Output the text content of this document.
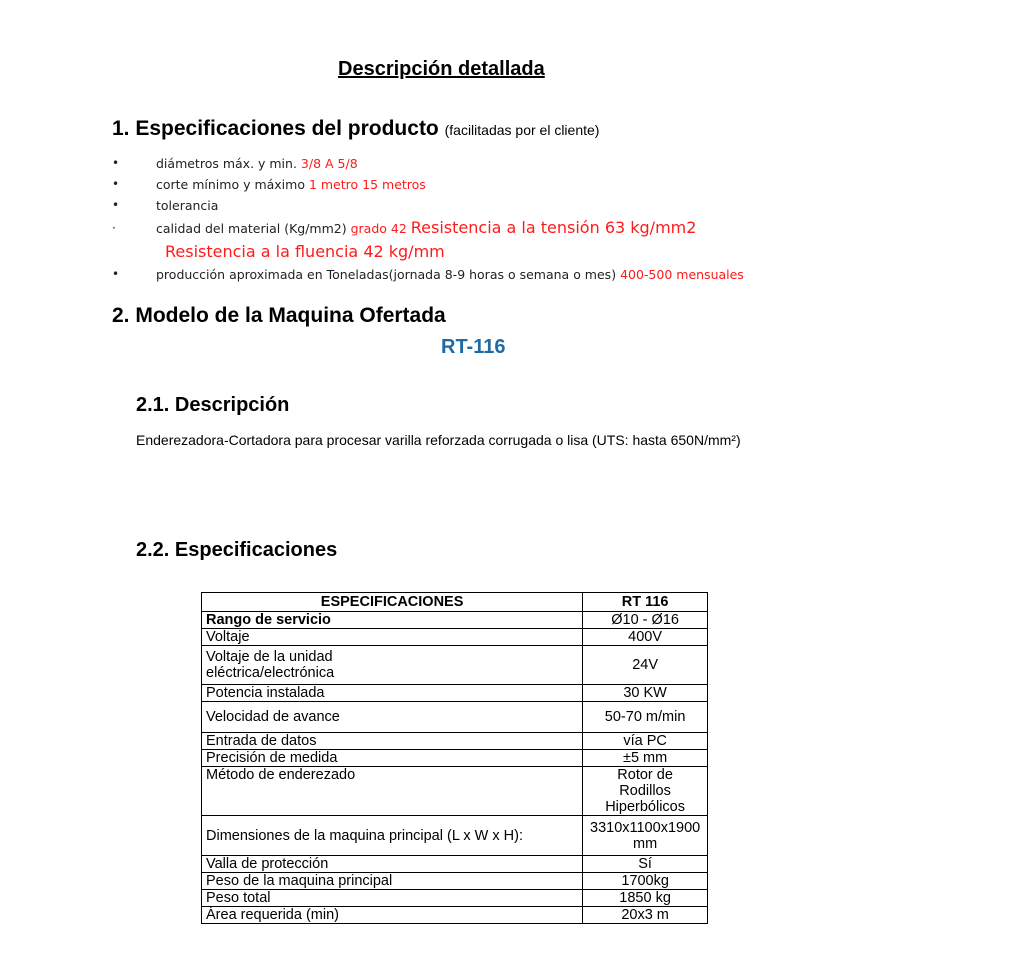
Descripción detallada
1. Especificaciones del producto (facilitadas por el cliente)
•	diámetros máx. y min. 3/8 A 5/8
•	corte mínimo y máximo 1 metro 15 metros
•	tolerancia
·	calidad del material (Kg/mm2) grado 42 Resistencia a la tensión 63 kg/mm2
Resistencia a la fluencia 42 kg/mm
•	producción aproximada en Toneladas(jornada 8-9 horas o semana o mes) 400-500 mensuales
2. Modelo de la Maquina Ofertada
RT-116
2.1. Descripción
Enderezadora-Cortadora para procesar varilla reforzada corrugada o lisa (UTS: hasta 650N/mm²)
2.2. Especificaciones
ESPECIFICACIONES	RT 116
Rango de servicio	Ø10 - Ø16
Voltaje	400V
Voltaje de la unidad eléctrica/electrónica	24V
Potencia instalada	30 KW
Velocidad de avance	50-70 m/min
Entrada de datos	vía PC
Precisión de medida	±5 mm
Método de enderezado	Rotor de Rodillos Hiperbólicos
Dimensiones de la maquina principal (L x W x H):	3310x1100x1900 mm
Valla de protección	Sí
Peso de la maquina principal	1700kg
Peso total	1850 kg
Área requerida (min)	20x3 m
